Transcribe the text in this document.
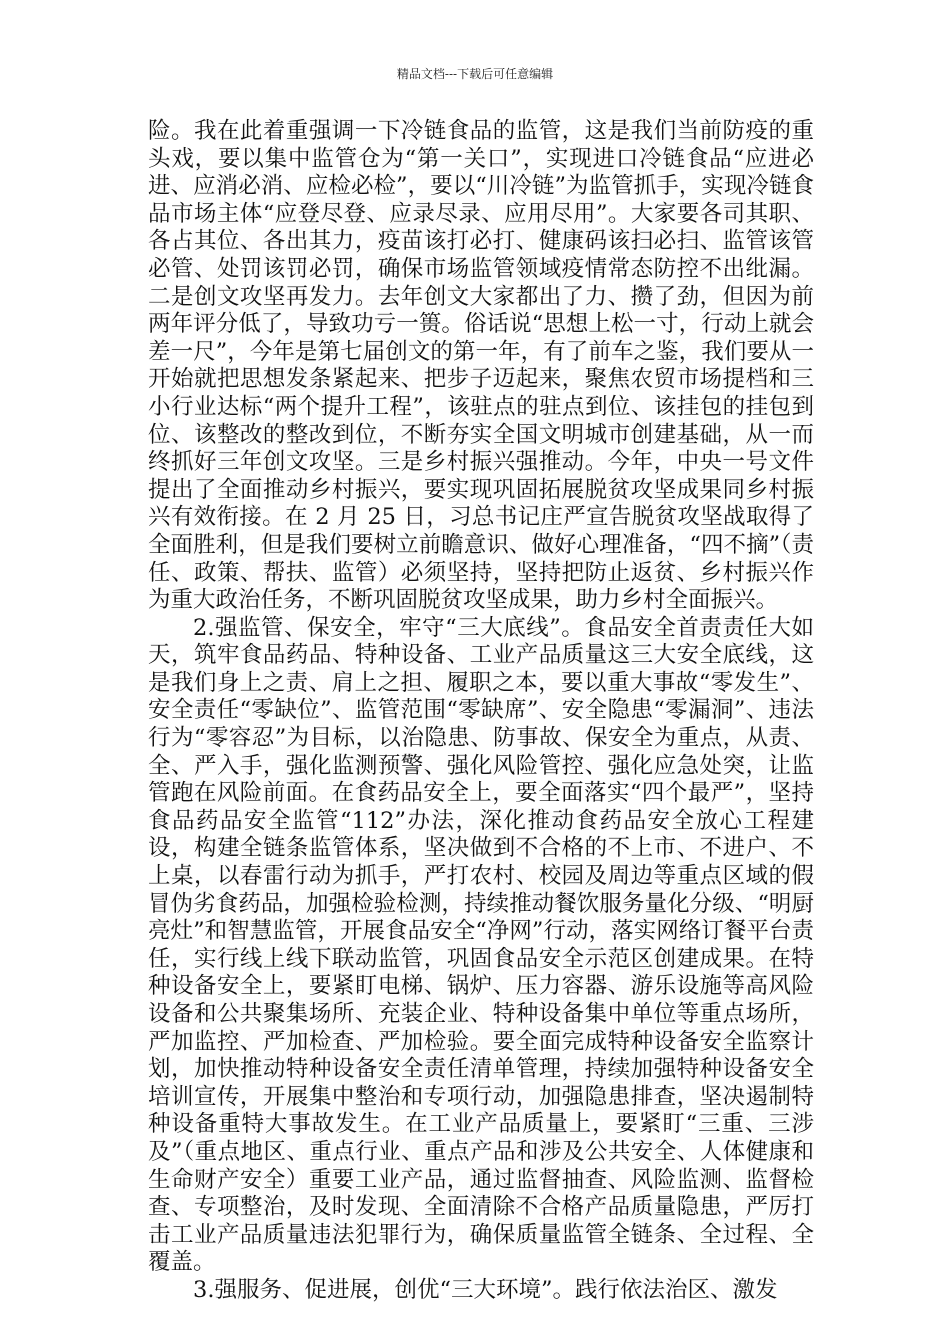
精品文档---下载后可任意编辑

险。我在此着重强调一下冷链食品的监管，这是我们当前防疫的重头戏，要以集中监管仓为“第一关口”，实现进口冷链食品“应进必进、应消必消、应检必检”，要以“川冷链”为监管抓手，实现冷链食品市场主体“应登尽登、应录尽录、应用尽用”。大家要各司其职、各占其位、各出其力，疫苗该打必打、健康码该扫必扫、监管该管必管、处罚该罚必罚，确保市场监管领域疫情常态防控不出纰漏。二是创文攻坚再发力。去年创文大家都出了力、攒了劲，但因为前两年评分低了，导致功亏一篑。俗话说“思想上松一寸，行动上就会差一尺”，今年是第七届创文的第一年，有了前车之鉴，我们要从一开始就把思想发条紧起来、把步子迈起来，聚焦农贸市场提档和三小行业达标“两个提升工程”，该驻点的驻点到位、该挂包的挂包到位、该整改的整改到位，不断夯实全国文明城市创建基础，从一而终抓好三年创文攻坚。三是乡村振兴强推动。今年，中央一号文件提出了全面推动乡村振兴，要实现巩固拓展脱贫攻坚成果同乡村振兴有效衔接。在 2 月 25 日，习总书记庄严宣告脱贫攻坚战取得了全面胜利，但是我们要树立前瞻意识、做好心理准备，“四不摘”（责任、政策、帮扶、监管）必须坚持，坚持把防止返贫、乡村振兴作为重大政治任务，不断巩固脱贫攻坚成果，助力乡村全面振兴。

2.强监管、保安全，牢守“三大底线”。食品安全首责责任大如天，筑牢食品药品、特种设备、工业产品质量这三大安全底线，这是我们身上之责、肩上之担、履职之本，要以重大事故“零发生”、安全责任“零缺位”、监管范围“零缺席”、安全隐患“零漏洞”、违法行为“零容忍”为目标，以治隐患、防事故、保安全为重点，从责、全、严入手，强化监测预警、强化风险管控、强化应急处突，让监管跑在风险前面。在食药品安全上，要全面落实“四个最严”，坚持食品药品安全监管“112”办法，深化推动食药品安全放心工程建设，构建全链条监管体系，坚决做到不合格的不上市、不进户、不上桌，以春雷行动为抓手，严打农村、校园及周边等重点区域的假冒伪劣食药品，加强检验检测，持续推动餐饮服务量化分级、“明厨亮灶”和智慧监管，开展食品安全“净网”行动，落实网络订餐平台责任，实行线上线下联动监管，巩固食品安全示范区创建成果。在特种设备安全上，要紧盯电梯、锅炉、压力容器、游乐设施等高风险设备和公共聚集场所、充装企业、特种设备集中单位等重点场所，严加监控、严加检查、严加检验。要全面完成特种设备安全监察计划，加快推动特种设备安全责任清单管理，持续加强特种设备安全培训宣传，开展集中整治和专项行动，加强隐患排查，坚决遏制特种设备重特大事故发生。在工业产品质量上，要紧盯“三重、三涉及”（重点地区、重点行业、重点产品和涉及公共安全、人体健康和生命财产安全）重要工业产品，通过监督抽查、风险监测、监督检查、专项整治，及时发现、全面清除不合格产品质量隐患，严厉打击工业产品质量违法犯罪行为，确保质量监管全链条、全过程、全覆盖。

3.强服务、促进展，创优“三大环境”。践行依法治区、激发
